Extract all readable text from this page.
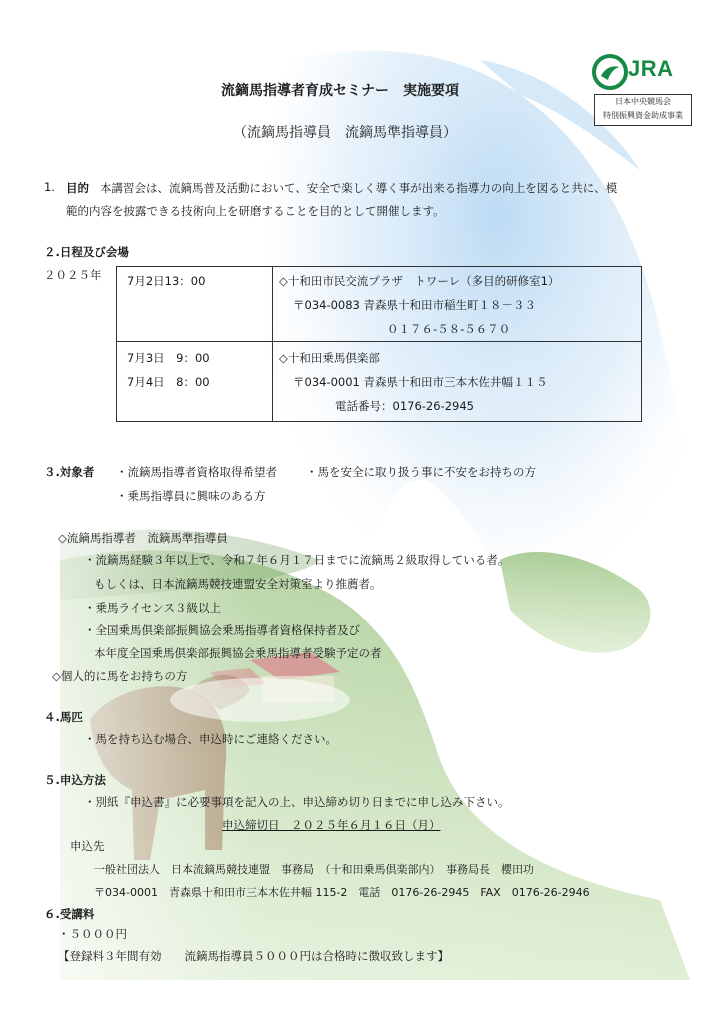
JRA
日本中央競馬会
特別振興資金助成事業
流鏑馬指導者育成セミナー　実施要項
（流鏑馬指導員　流鏑馬準指導員）
1. 目的 本講習会は、流鏑馬普及活動において、安全で楽しく導く事が出来る指導力の向上を図ると共に、模
範的内容を披露できる技術向上を研磨することを目的として開催します。
２.日程及び会場
２０２５年 7月2日13：00	◇十和田市民交流プラザ　トワーレ（多目的研修室1）
〒034-0083 青森県十和田市稲生町１８－３３
０１７６-５８-５６７０

7月3日　9：00
7月4日　8：00	◇十和田乗馬倶楽部
〒034-0001 青森県十和田市三本木佐井幅１１５
電話番号：0176-26-2945
３.対象者 ・流鏑馬指導者資格取得希望者	・馬を安全に取り扱う事に不安をお持ちの方
・乗馬指導員に興味のある方
◇流鏑馬指導者　流鏑馬準指導員
・流鏑馬経験３年以上で、令和７年６月１７日までに流鏑馬２級取得している者。
もしくは、日本流鏑馬競技連盟安全対策室より推薦者。
・乗馬ライセンス３級以上
・全国乗馬倶楽部振興協会乗馬指導者資格保持者及び
本年度全国乗馬倶楽部振興協会乗馬指導者受験予定の者
◇個人的に馬をお持ちの方
４.馬匹
・馬を持ち込む場合、申込時にご連絡ください。
５.申込方法
・別紙『申込書』に必要事項を記入の上、申込締め切り日までに申し込み下さい。
申込締切日　２０２５年６月１６日（月）
申込先
一般社団法人　日本流鏑馬競技連盟　事務局　（十和田乗馬倶楽部内）　事務局長　櫻田功
〒034-0001　青森県十和田市三本木佐井幅 115-2　電話　0176-26-2945　FAX　0176-26-2946
６.受講料
・５０００円
【登録料３年間有効　　流鏑馬指導員５０００円は合格時に徴収致します】
